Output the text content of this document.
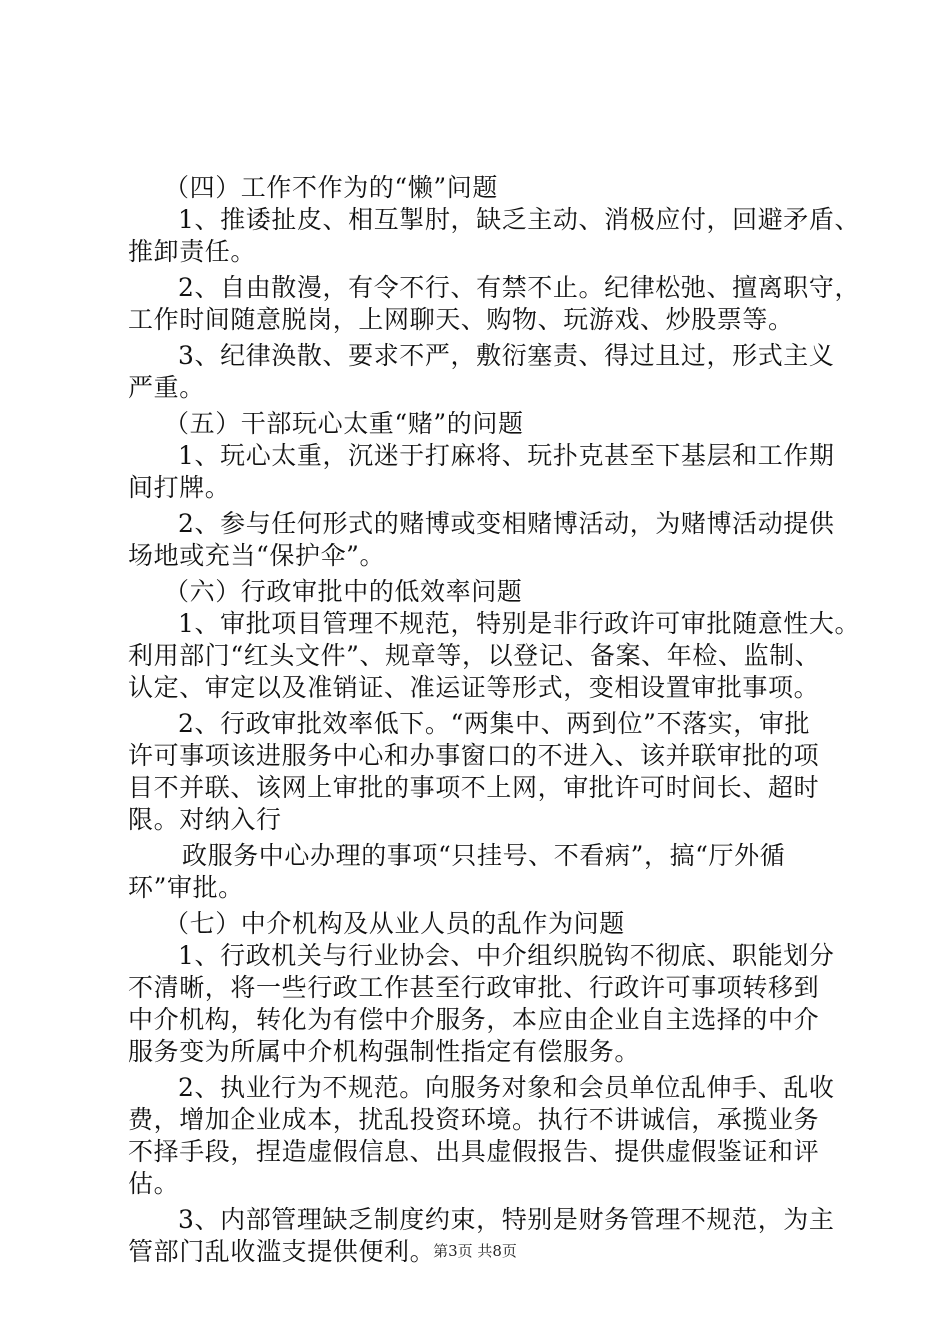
（四）工作不作为的“懒”问题

1、推诿扯皮、相互掣肘，缺乏主动、消极应付，回避矛盾、

推卸责任。

2、自由散漫，有令不行、有禁不止。纪律松弛、擅离职守，

工作时间随意脱岗，上网聊天、购物、玩游戏、炒股票等。

3、纪律涣散、要求不严，敷衍塞责、得过且过，形式主义

严重。

（五）干部玩心太重“赌”的问题

1、玩心太重，沉迷于打麻将、玩扑克甚至下基层和工作期

间打牌。

2、参与任何形式的赌博或变相赌博活动，为赌博活动提供

场地或充当“保护伞”。

（六）行政审批中的低效率问题

1、审批项目管理不规范，特别是非行政许可审批随意性大。

利用部门“红头文件”、规章等，以登记、备案、年检、监制、

认定、审定以及准销证、准运证等形式，变相设置审批事项。

2、行政审批效率低下。“两集中、两到位”不落实，审批

许可事项该进服务中心和办事窗口的不进入、该并联审批的项

目不并联、该网上审批的事项不上网，审批许可时间长、超时

限。对纳入行

政服务中心办理的事项“只挂号、不看病”，搞“厅外循

环”审批。

（七）中介机构及从业人员的乱作为问题

1、行政机关与行业协会、中介组织脱钩不彻底、职能划分

不清晰，将一些行政工作甚至行政审批、行政许可事项转移到

中介机构，转化为有偿中介服务，本应由企业自主选择的中介

服务变为所属中介机构强制性指定有偿服务。

2、执业行为不规范。向服务对象和会员单位乱伸手、乱收

费，增加企业成本，扰乱投资环境。执行不讲诚信，承揽业务

不择手段，捏造虚假信息、出具虚假报告、提供虚假鉴证和评

估。

3、内部管理缺乏制度约束，特别是财务管理不规范，为主

管部门乱收滥支提供便利。

第3页 共8页
